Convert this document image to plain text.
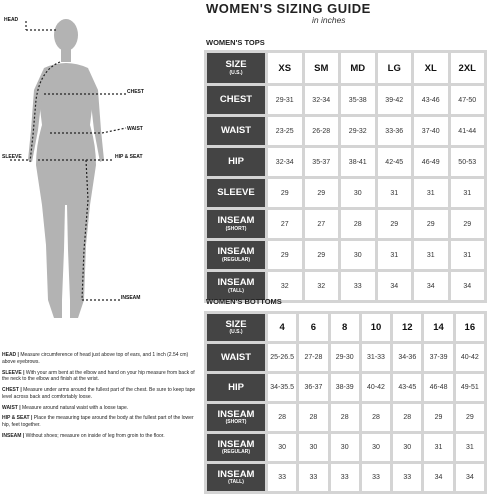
HEAD
CHEST
WAIST
SLEEVE	HIP & SEAT
INSEAM
WOMEN'S SIZING GUIDE
in inches
WOMEN'S TOPS
SIZE
(U.S.)	XS	SM	MD	LG	XL	2XL
CHEST	29-31	32-34	35-38	39-42	43-46	47-50
WAIST	23-25	26-28	29-32	33-36	37-40	41-44
HIP	32-34	35-37	38-41	42-45	46-49	50-53
SLEEVE	29	29	30	31	31	31
INSEAM
(SHORT)	27	27	28	29	29	29
INSEAM
(REGULAR)	29	29	30	31	31	31
INSEAM
(TALL)	32	32	33	34	34	34
WOMEN'S BOTTOMS
SIZE
(U.S.)	4	6	8	10	12	14	16
WAIST	25-26.5	27-28	29-30	31-33	34-36	37-39	40-42
HIP	34-35.5	36-37	38-39	40-42	43-45	46-48	49-51
INSEAM
(SHORT)	28	28	28	28	28	29	29
INSEAM
(REGULAR)	30	30	30	30	30	31	31
INSEAM
(TALL)	33	33	33	33	33	34	34
HEAD | Measure circumference of head just above top of ears, and 1 inch (2.54 cm) above eyebrows.
SLEEVE | With your arm bent at the elbow and hand on your hip measure from back of the neck to the elbow and finish at the wrist.
CHEST | Measure under arms around the fullest part of the chest. Be sure to keep tape level across back and comfortably loose.
WAIST | Measure around natural waist with a loose tape.
HIP & SEAT | Place the measuring tape around the body at the fullest part of the lower hip, feet together.
INSEAM | Without shoes; measure on inside of leg from groin to the floor.
